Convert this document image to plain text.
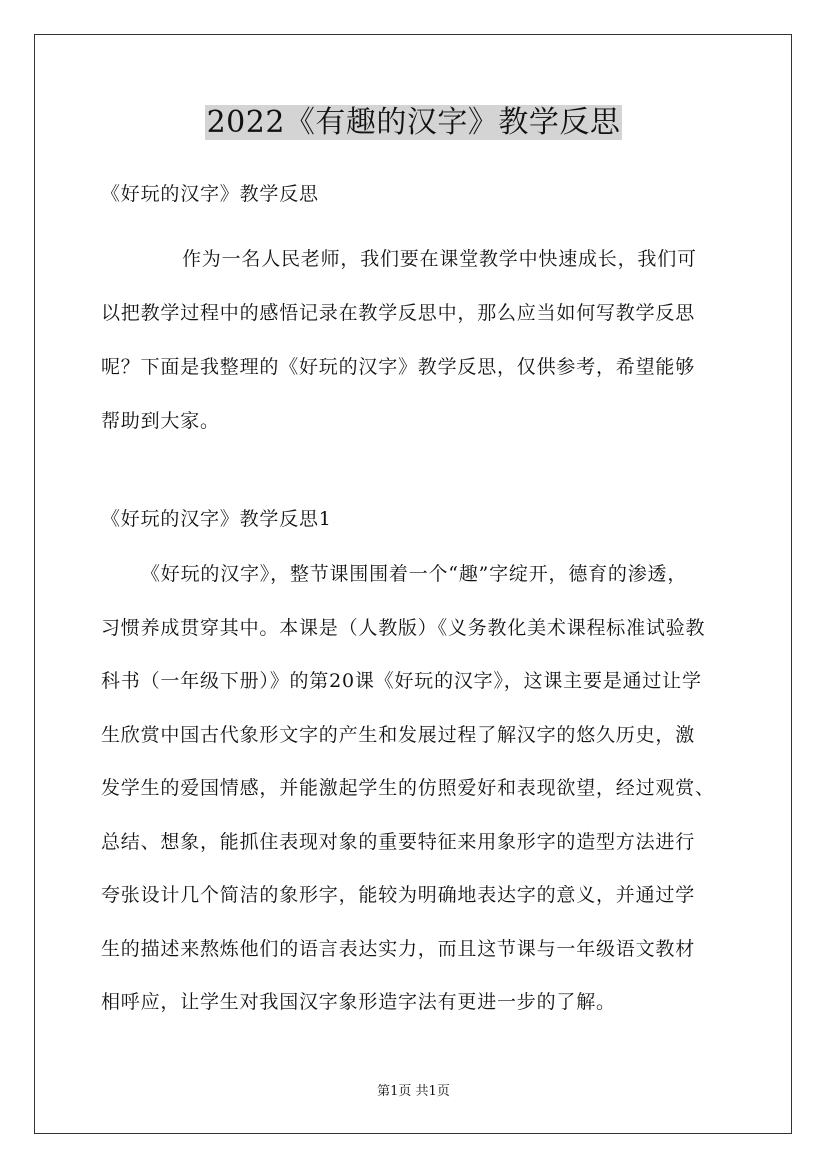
2022《有趣的汉字》教学反思
《好玩的汉字》教学反思
作为一名人民老师，我们要在课堂教学中快速成长，我们可
以把教学过程中的感悟记录在教学反思中，那么应当如何写教学反思
呢？下面是我整理的《好玩的汉字》教学反思，仅供参考，希望能够
帮助到大家。
《好玩的汉字》教学反思1
《好玩的汉字》，整节课围围着一个“趣”字绽开，德育的渗透，
习惯养成贯穿其中。本课是（人教版）《义务教化美术课程标准试验教
科书（一年级下册）》的第20课《好玩的汉字》，这课主要是通过让学
生欣赏中国古代象形文字的产生和发展过程了解汉字的悠久历史，激
发学生的爱国情感，并能激起学生的仿照爱好和表现欲望，经过观赏、
总结、想象，能抓住表现对象的重要特征来用象形字的造型方法进行
夸张设计几个简洁的象形字，能较为明确地表达字的意义，并通过学
生的描述来熬炼他们的语言表达实力，而且这节课与一年级语文教材
相呼应，让学生对我国汉字象形造字法有更进一步的了解。
第1页 共1页
